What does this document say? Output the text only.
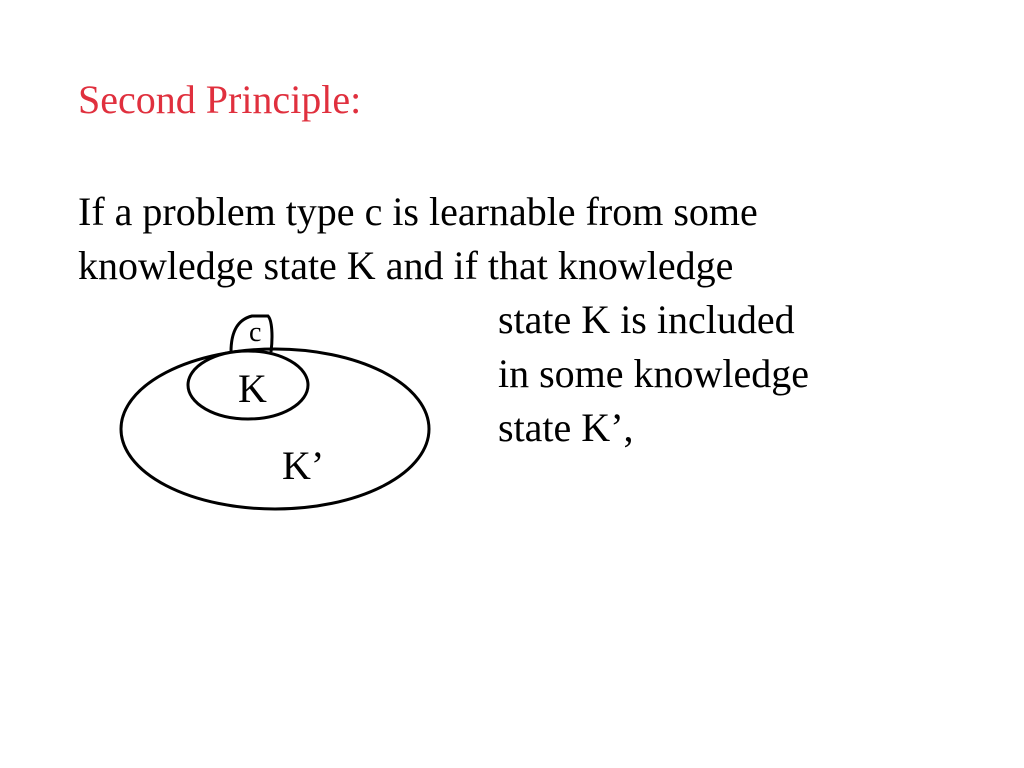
Second Principle:
If a problem type c is learnable from some
knowledge state K and if that knowledge
state K is included
in some knowledge
state K’,
c
K
K’
